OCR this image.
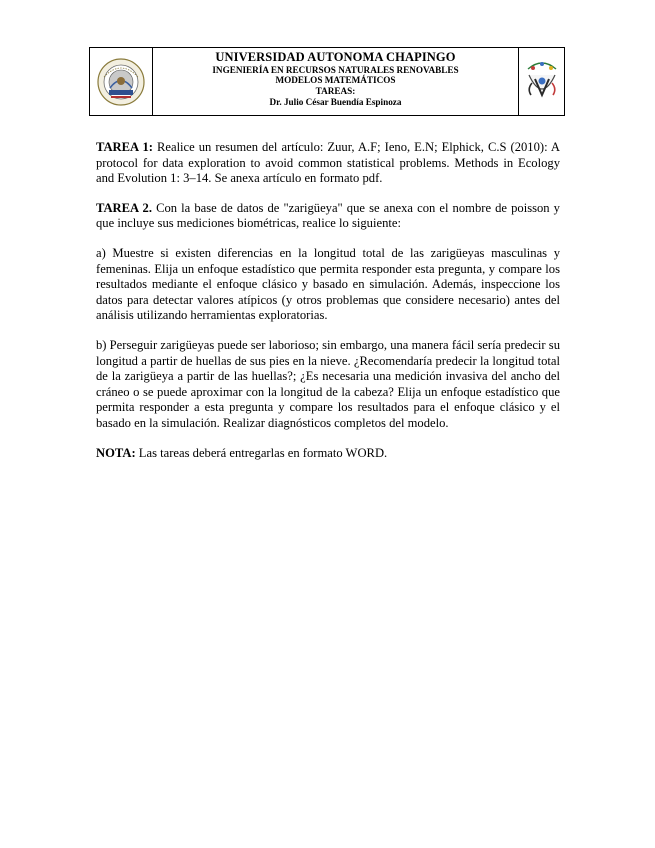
UNIVERSIDAD AUTONOMA CHAPINGO
INGENIERÍA EN RECURSOS NATURALES RENOVABLES
MODELOS MATEMÁTICOS
TAREAS:
Dr. Julio César Buendía Espinoza

TAREA 1: Realice un resumen del artículo: Zuur, A.F; Ieno, E.N; Elphick, C.S (2010): A protocol for data exploration to avoid common statistical problems. Methods in Ecology and Evolution 1: 3–14. Se anexa artículo en formato pdf.

TAREA 2. Con la base de datos de "zarigüeya" que se anexa con el nombre de poisson y que incluye sus mediciones biométricas, realice lo siguiente:

a) Muestre si existen diferencias en la longitud total de las zarigüeyas masculinas y femeninas. Elija un enfoque estadístico que permita responder esta pregunta, y compare los resultados mediante el enfoque clásico y basado en simulación. Además, inspeccione los datos para detectar valores atípicos (y otros problemas que considere necesario) antes del análisis utilizando herramientas exploratorias.

b) Perseguir zarigüeyas puede ser laborioso; sin embargo, una manera fácil sería predecir su longitud a partir de huellas de sus pies en la nieve. ¿Recomendaría predecir la longitud total de la zarigüeya a partir de las huellas?; ¿Es necesaria una medición invasiva del ancho del cráneo o se puede aproximar con la longitud de la cabeza? Elija un enfoque estadístico que permita responder a esta pregunta y compare los resultados para el enfoque clásico y el basado en la simulación. Realizar diagnósticos completos del modelo.

NOTA: Las tareas deberá entregarlas en formato WORD.
